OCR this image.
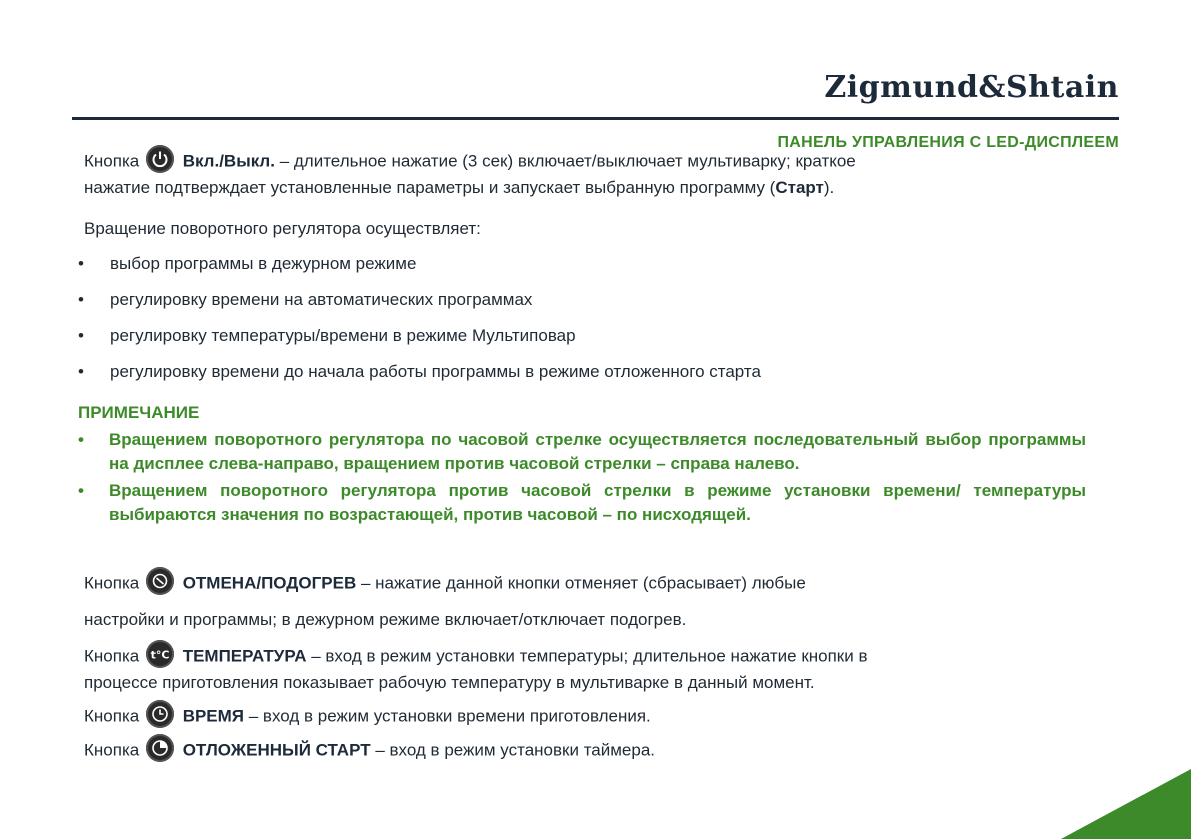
Zigmund&Shtain
ПАНЕЛЬ УПРАВЛЕНИЯ С LED-ДИСПЛЕЕМ
Кнопка	Вкл./Выкл. – длительное нажатие (3 сек) включает/выключает мультиварку; краткое
нажатие подтверждает установленные параметры и запускает выбранную программу (Старт).
Вращение поворотного регулятора осуществляет:
• выбор программы в дежурном режиме
• регулировку времени на автоматических программах
• регулировку температуры/времени в режиме Мультиповар
• регулировку времени до начала работы программы в режиме отложенного старта
ПРИМЕЧАНИЕ
• Вращением поворотного регулятора по часовой стрелке осуществляется последовательный выбор программы на дисплее слева-направо, вращением против часовой стрелки – справа налево.
• Вращением поворотного регулятора против часовой стрелки в режиме установки времени/ температуры выбираются значения по возрастающей, против часовой – по нисходящей.
Кнопка	ОТМЕНА/ПОДОГРЕВ – нажатие данной кнопки отменяет (сбрасывает) любые
настройки и программы; в дежурном режиме включает/отключает подогрев.
Кнопка t°C ТЕМПЕРАТУРА – вход в режим установки температуры; длительное нажатие кнопки в
процессе приготовления показывает рабочую температуру в мультиварке в данный момент.
Кнопка	ВРЕМЯ – вход в режим установки времени приготовления.
Кнопка	ОТЛОЖЕННЫЙ СТАРТ – вход в режим установки таймера.
